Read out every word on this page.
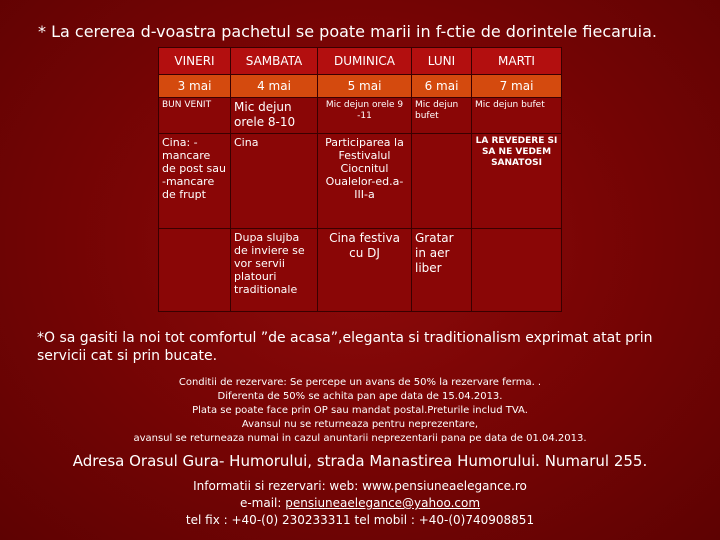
* La cererea d-voastra pachetul se poate marii in f-ctie de dorintele fiecaruia.
VINERI	SAMBATA	DUMINICA	LUNI	MARTI
3 mai	4 mai	5 mai	6 mai	7 mai
BUN VENIT	Mic dejun orele 8-10	Mic dejun orele 9 -11	Mic dejun bufet	Mic dejun bufet
Cina: -mancare de post sau -mancare de frupt	Cina	Participarea la Festivalul Ciocnitul Oualelor-ed.a-III-a		LA REVEDERE SI SA NE VEDEM SANATOSI
	Dupa slujba de inviere se vor servii platouri traditionale	Cina festiva cu DJ	Gratar in aer liber	
*O sa gasiti la noi tot comfortul ”de acasa”,eleganta si traditionalism exprimat atat prin servicii cat si prin bucate.
Conditii de rezervare: Se percepe un avans de 50% la rezervare ferma. .
Diferenta de 50% se achita pan ape data de 15.04.2013.
Plata se poate face prin OP sau mandat postal.Preturile includ TVA.
Avansul nu se returneaza pentru neprezentare,
avansul se returneaza numai in cazul anuntarii neprezentarii pana pe data de 01.04.2013.
Adresa Orasul Gura- Humorului, strada Manastirea Humorului. Numarul 255.
Informatii si rezervari: web: www.pensiuneaelegance.ro
e-mail: pensiuneaelegance@yahoo.com
tel fix : +40-(0) 230233311 tel mobil : +40-(0)740908851
